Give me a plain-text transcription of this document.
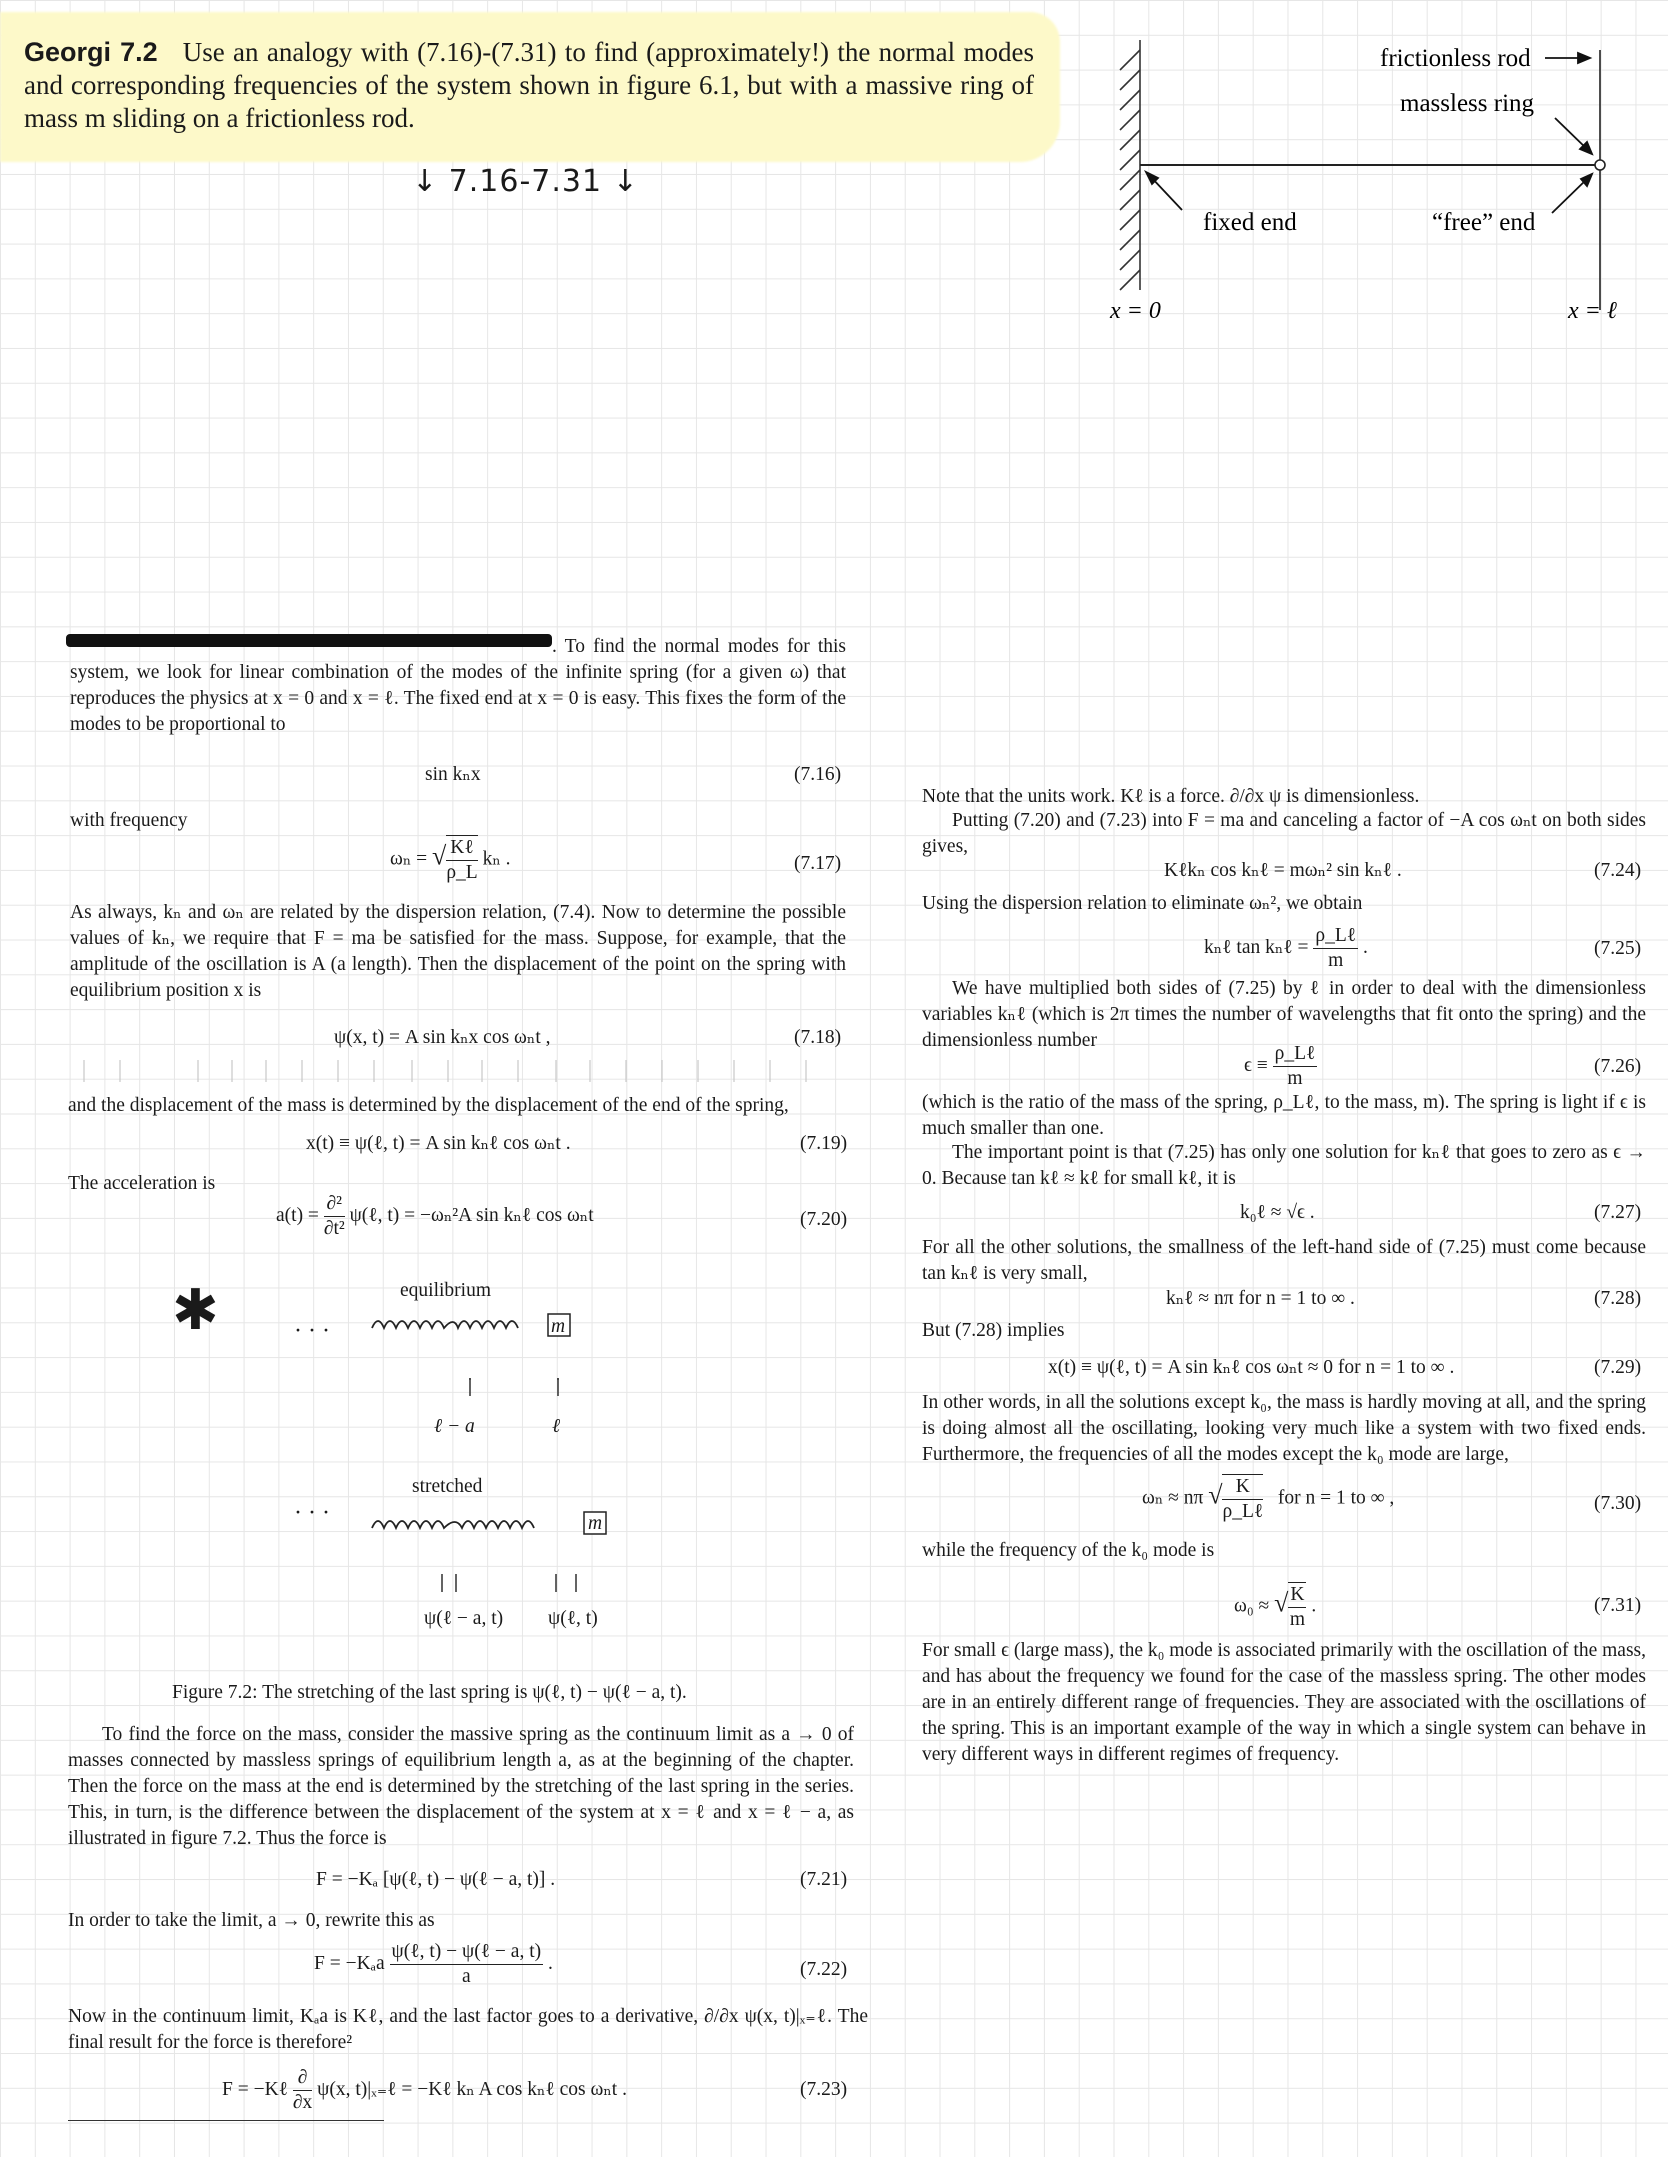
Georgi 7.2 Use an analogy with (7.16)-(7.31) to find (approximately!) the normal modes and corresponding frequencies of the system shown in figure 6.1, but with a massive ring of mass m sliding on a frictionless rod.
↓ 7.16-7.31 ↓
frictionless rod
massless ring
fixed end	“free” end
x = 0	x = ℓ
. To find the normal modes for this system, we look for linear combination of the modes of the infinite spring (for a given ω) that reproduces the physics at x = 0 and x = ℓ. The fixed end at x = 0 is easy. This fixes the form of the modes to be proportional to
sin kₙx	(7.16)
with frequency
ωₙ = √ $\frac{\text{Kℓ}}{\rho\_L}$ kₙ .	(7.17)
As always, kₙ and ωₙ are related by the dispersion relation, (7.4). Now to determine the possible values of kₙ, we require that F = ma be satisfied for the mass. Suppose, for example, that the amplitude of the oscillation is A (a length). Then the displacement of the point on the spring with equilibrium position x is
ψ(x, t) = A sin kₙx cos ωₙt ,	(7.18)
and the displacement of the mass is determined by the displacement of the end of the spring,
x(t) ≡ ψ(ℓ, t) = A sin kₙℓ cos ωₙt .	(7.19)
The acceleration is
$a(t) = \frac{\text{∂²}}{\text{∂t²}}$ ψ(ℓ, t) = −ωₙ²A sin kₙℓ cos ωₙt	(7.20)
✱	· · ·
· · ·
equilibrium
stretched
m
ℓ − a	ℓ
m
ψ(ℓ − a, t) ψ(ℓ, t)
Figure 7.2: The stretching of the last spring is ψ(ℓ, t) − ψ(ℓ − a, t).
To find the force on the mass, consider the massive spring as the continuum limit as a → 0 of masses connected by massless springs of equilibrium length a, as at the beginning of the chapter. Then the force on the mass at the end is determined by the stretching of the last spring in the series. This, in turn, is the difference between the displacement of the system at x = ℓ and x = ℓ − a, as illustrated in figure 7.2. Thus the force is
F = −Kₐ [ψ(ℓ, t) − ψ(ℓ − a, t)] .	(7.21)
In order to take the limit, a → 0, rewrite this as
$F = -K_aa \frac{\text{ψ(ℓ, t) − ψ(ℓ − a, t)}}{a}$ .	(7.22)
Now in the continuum limit, Kₐa is Kℓ, and the last factor goes to a derivative, ∂/∂x ψ(x, t)|ₓ₌ℓ. The final result for the force is therefore²
F = −Kℓ $\frac{\partial}{\partial x} \psi(x$, t)|ₓ₌ℓ = −Kℓ kₙ A cos kₙℓ cos ωₙt .	(7.23)
Note that the units work. Kℓ is a force. ∂/∂x ψ is dimensionless.
Putting (7.20) and (7.23) into F = ma and canceling a factor of −A cos ωₙt on both sides gives,
Kℓkₙ cos kₙℓ = mωₙ² sin kₙℓ .	(7.24)
Using the dispersion relation to eliminate ωₙ², we obtain
kₙℓ tan kₙℓ = $\frac{\text{ρ\_Lℓ}}{m}$ .	(7.25)
We have multiplied both sides of (7.25) by ℓ in order to deal with the dimensionless variables kₙℓ (which is 2π times the number of wavelengths that fit onto the spring) and the dimensionless number
$\epsilon \equiv \frac{\text{ρ\_Lℓ}}{m}$	(7.26)
(which is the ratio of the mass of the spring, ρ_Lℓ, to the mass, m). The spring is light if ϵ is much smaller than one.
The important point is that (7.25) has only one solution for kₙℓ that goes to zero as ϵ → 0. Because tan kℓ ≈ kℓ for small kℓ, it is
k₀ℓ ≈ √ϵ .	(7.27)
For all the other solutions, the smallness of the left-hand side of (7.25) must come because tan kₙℓ is very small,
kₙℓ ≈ nπ for n = 1 to ∞ .	(7.28)
But (7.28) implies
x(t) ≡ ψ(ℓ, t) = A sin kₙℓ cos ωₙt ≈ 0 for n = 1 to ∞ .	(7.29)
In other words, in all the solutions except k₀, the mass is hardly moving at all, and the spring is doing almost all the oscillating, looking very much like a system with two fixed ends. Furthermore, the frequencies of all the modes except the k₀ mode are large,
ωₙ ≈ nπ √ $\frac{K}{\text{ρ\_Lℓ}}$ for n = 1 to ∞ ,	(7.30)
while the frequency of the k₀ mode is
ω₀ ≈ √ $\frac{K}{m}$ .	(7.31)
For small ϵ (large mass), the k₀ mode is associated primarily with the oscillation of the mass, and has about the frequency we found for the case of the massless spring. The other modes are in an entirely different range of frequencies. They are associated with the oscillations of the spring. This is an important example of the way in which a single system can behave in very different ways in different regimes of frequency.
